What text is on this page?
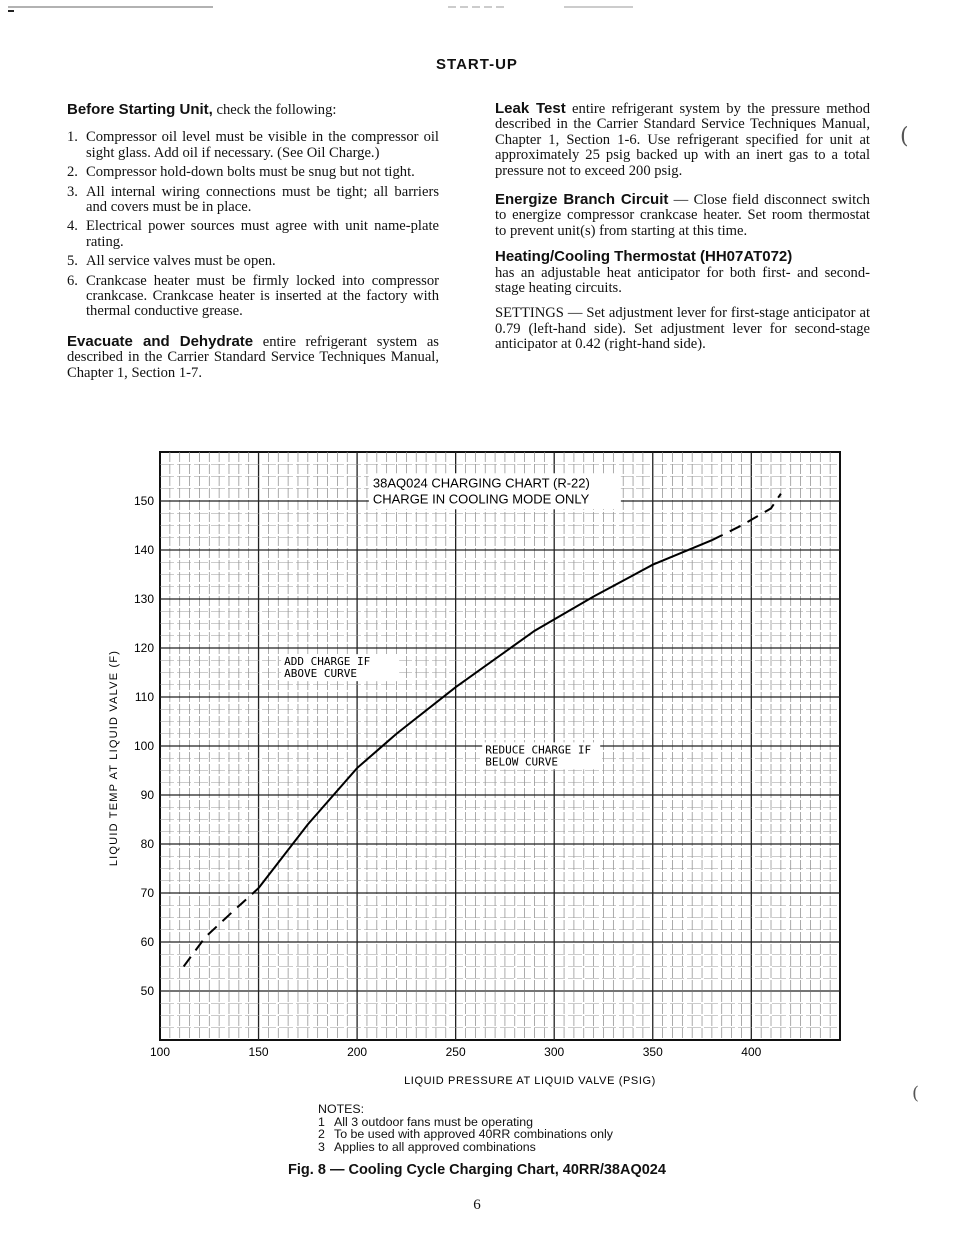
START-UP

Before Starting Unit, check the following:

1. Compressor oil level must be visible in the compressor oil sight glass. Add oil if necessary. (See Oil Charge.)
2. Compressor hold-down bolts must be snug but not tight.
3. All internal wiring connections must be tight; all barriers and covers must be in place.
4. Electrical power sources must agree with unit name-plate rating.
5. All service valves must be open.
6. Crankcase heater must be firmly locked into compressor crankcase. Crankcase heater is inserted at the factory with thermal conductive grease.

Evacuate and Dehydrate entire refrigerant system as described in the Carrier Standard Service Techniques Manual, Chapter 1, Section 1-7.

Leak Test entire refrigerant system by the pressure method described in the Carrier Standard Service Techniques Manual, Chapter 1, Section 1-6. Use refrigerant specified for unit at approximately 25 psig backed up with an inert gas to a total pressure not to exceed 200 psig.

Energize Branch Circuit — Close field disconnect switch to energize compressor crankcase heater. Set room thermostat to prevent unit(s) from starting at this time.

Heating/Cooling Thermostat (HH07AT072)
has an adjustable heat anticipator for both first- and second-stage heating circuits.

SETTINGS — Set adjustment lever for first-stage anticipator at 0.79 (left-hand side). Set adjustment lever for second-stage anticipator at 0.42 (right-hand side).

(
(
50
60
70
80
90
100
110
120
130
140
150
100	150	200	250	300	350	400
LIQUID PRESSURE AT LIQUID VALVE (PSIG)
LIQUID TEMP AT LIQUID VALVE (F)
38AQ024 CHARGING CHART (R-22)
CHARGE IN COOLING MODE ONLY
ADD CHARGE IF
ABOVE CURVE
REDUCE CHARGE IF
BELOW CURVE
NOTES:
1 All 3 outdoor fans must be operating
2 To be used with approved 40RR combinations only
3 Applies to all approved combinations
Fig. 8 — Cooling Cycle Charging Chart, 40RR/38AQ024
6
